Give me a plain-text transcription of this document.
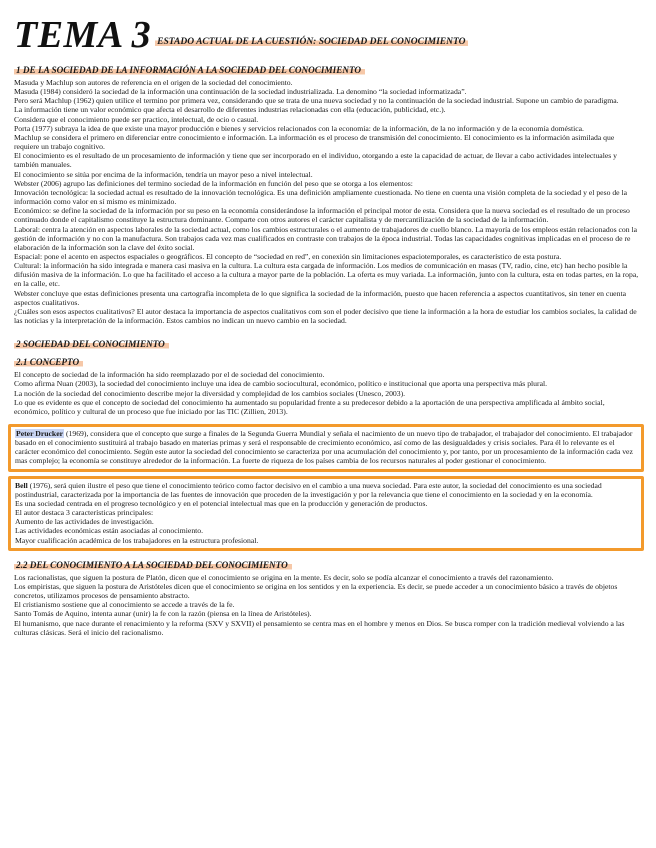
TEMA 3 ESTADO ACTUAL DE LA CUESTIÓN: SOCIEDAD DEL CONOCIMIENTO
1 DE LA SOCIEDAD DE LA INFORMACIÓN A LA SOCIEDAD DEL CONOCIMIENTO

Masuda y Machlup son autores de referencia en el origen de la sociedad del conocimiento.

Masuda (1984) consideró la sociedad de la información una continuación de la sociedad industrializada. La denomino “la sociedad informatizada”.

Pero será Machlup (1962) quien utilice el termino por primera vez, considerando que se trata de una nueva sociedad y no la continuación de la sociedad industrial. Supone un cambio de paradigma.

La información tiene un valor económico que afecta el desarrollo de diferentes industrias relacionadas con ella (educación, publicidad, etc.).

Considera que el conocimiento puede ser practico, intelectual, de ocio o casual.

Porta (1977) subraya la idea de que existe una mayor producción e bienes y servicios relacionados con la economía: de la información, de la no información y de la economía doméstica.

Machlup se considera el primero en diferenciar entre conocimiento e información. La información es el proceso de transmisión del conocimiento. El conocimiento es la información asimilada que requiere un trabajo cognitivo.

El conocimiento es el resultado de un procesamiento de información y tiene que ser incorporado en el individuo, otorgando a este la capacidad de actuar, de llevar a cabo actividades intelectuales y también manuales.

El conocimiento se sitúa por encima de la información, tendría un mayor peso a nivel intelectual.

Webster (2006) agrupo las definiciones del termino sociedad de la información en función del peso que se otorga a los elementos:

Innovación tecnológica: la sociedad actual es resultado de la innovación tecnológica. Es una definición ampliamente cuestionada. No tiene en cuenta una visión completa de la sociedad y el peso de la información como valor en sí mismo es minimizado.

Económico: se define la sociedad de la información por su peso en la economía considerándose la información el principal motor de esta. Considera que la nueva sociedad es el resultado de un proceso continuado donde el capitalismo constituye la estructura dominante. Comparte con otros autores el carácter capitalista y de mercantilización de la sociedad de la información.

Laboral: centra la atención en aspectos laborales de la sociedad actual, como los cambios estructurales o el aumento de trabajadores de cuello blanco. La mayoría de los empleos están relacionados con la gestión de información y no con la manufactura. Son trabajos cada vez mas cualificados en contraste con trabajos de la época industrial. Todas las capacidades cognitivas implicadas en el proceso de re elaboración de la información son la clave del éxito social.

Espacial: pone el acento en aspectos espaciales o geográficos. El concepto de “sociedad en red”, en conexión sin limitaciones espaciotemporales, es característico de esta postura.

Cultural: la información ha sido integrada e manera casi masiva en la cultura. La cultura esta cargada de información. Los medios de comunicación en masas (TV, radio, cine, etc) han hecho posible la difusión masiva de la información. Lo que ha facilitado el acceso a la cultura a mayor parte de la población. La oferta es muy variada. La información, junto con la cultura, esta en todas partes, en la ropa, en la calle, etc.

Webster concluye que estas definiciones presenta una cartografía incompleta de lo que significa la sociedad de la información, puesto que hacen referencia a aspectos cuantitativos, sin tener en cuenta aspectos cualitativos.

¿Cuáles son esos aspectos cualitativos? El autor destaca la importancia de aspectos cualitativos com son el poder decisivo que tiene la información a la hora de estudiar los cambios sociales, la calidad de las noticias y la interpretación de la información. Estos cambios no indican un nuevo cambio en la sociedad.

2 SOCIEDAD DEL CONOCIMIENTO
2.1 CONCEPTO

El concepto de sociedad de la información ha sido reemplazado por el de sociedad del conocimiento.

Como afirma Nuan (2003), la sociedad del conocimiento incluye una idea de cambio sociocultural, económico, político e institucional que aporta una perspectiva más plural.

La noción de la sociedad del conocimiento describe mejor la diversidad y complejidad de los cambios sociales (Unesco, 2003).

Lo que es evidente es que el concepto de sociedad del conocimiento ha aumentado su popularidad frente a su predecesor debido a la aportación de una perspectiva amplificada al ámbito social, económico, político y cultural de un proceso que fue iniciado por las TIC (Zillien, 2013).

Peter Drucker (1969), considera que el concepto que surge a finales de la Segunda Guerra Mundial y señala el nacimiento de un nuevo tipo de trabajador, el trabajador del conocimiento. El trabajador basado en el conocimiento sustituirá al trabajo basado en materias primas y será el responsable de crecimiento económico, así como de las desigualdades y crisis sociales. Para él lo relevante es el carácter económico del conocimiento. Según este autor la sociedad del conocimiento se caracteriza por una acumulación del conocimiento y, por tanto, por un procesamiento de la información cada vez mas complejo; la economía se constituye alrededor de la información. La fuerte de riqueza de los países cambia de los recursos naturales al poder gestionar el conocimiento.

Bell (1976), será quien ilustre el peso que tiene el conocimiento teórico como factor decisivo en el cambio a una nueva sociedad. Para este autor, la sociedad del conocimiento es una sociedad postindustrial, caracterizada por la importancia de las fuentes de innovación que proceden de la investigación y por la relevancia que tiene el conocimiento en la sociedad y en la economía.

Es una sociedad centrada en el progreso tecnológico y en el potencial intelectual mas que en la producción y generación de productos.

El autor destaca 3 características principales:

Aumento de las actividades de investigación.

Las actividades económicas están asociadas al conocimiento.

Mayor cualificación académica de los trabajadores en la estructura profesional.

2.2 DEL CONOCIMIENTO A LA SOCIEDAD DEL CONOCIMIENTO

Los racionalistas, que siguen la postura de Platón, dicen que el conocimiento se origina en la mente. Es decir, solo se podía alcanzar el conocimiento a través del razonamiento.

Los empiristas, que siguen la postura de Aristóteles dicen que el conocimiento se origina en los sentidos y en la experiencia. Es decir, se puede acceder a un conocimiento básico a través de objetos concretos, utilizamos procesos de pensamiento abstracto.

El cristianismo sostiene que al conocimiento se accede a través de la fe.

Santo Tomás de Aquino, intenta aunar (unir) la fe con la razón (piensa en la línea de Aristóteles).

El humanismo, que nace durante el renacimiento y la reforma (SXV y SXVII) el pensamiento se centra mas en el hombre y menos en Dios. Se busca romper con la tradición medieval volviendo a las culturas clásicas. Será el inicio del racionalismo.
